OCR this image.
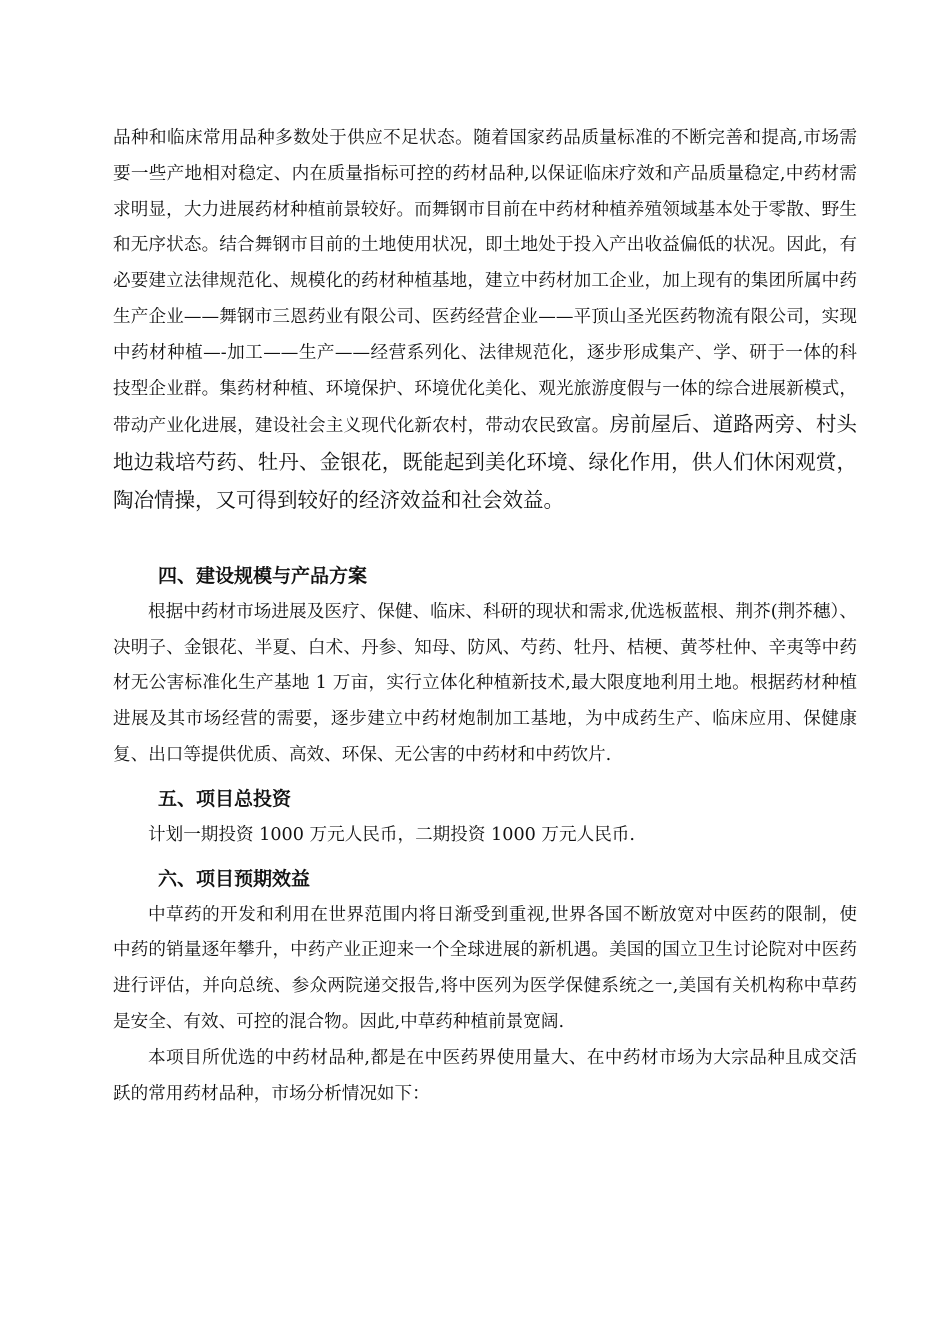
品种和临床常用品种多数处于供应不足状态。随着国家药品质量标准的不断完善和提高,市场需要一些产地相对稳定、内在质量指标可控的药材品种,以保证临床疗效和产品质量稳定,中药材需求明显，大力进展药材种植前景较好。而舞钢市目前在中药材种植养殖领域基本处于零散、野生和无序状态。结合舞钢市目前的土地使用状况，即土地处于投入产出收益偏低的状况。因此，有必要建立法律规范化、规模化的药材种植基地，建立中药材加工企业，加上现有的集团所属中药生产企业——舞钢市三恩药业有限公司、医药经营企业——平顶山圣光医药物流有限公司，实现中药材种植—-加工——生产——经营系列化、法律规范化，逐步形成集产、学、研于一体的科技型企业群。集药材种植、环境保护、环境优化美化、观光旅游度假与一体的综合进展新模式，带动产业化进展，建设社会主义现代化新农村，带动农民致富。房前屋后、道路两旁、村头地边栽培芍药、牡丹、金银花，既能起到美化环境、绿化作用，供人们休闲观赏，陶冶情操，又可得到较好的经济效益和社会效益。

四、建设规模与产品方案

根据中药材市场进展及医疗、保健、临床、科研的现状和需求,优选板蓝根、荆芥(荆芥穗）、决明子、金银花、半夏、白术、丹参、知母、防风、芍药、牡丹、桔梗、黄芩杜仲、辛夷等中药材无公害标准化生产基地 1 万亩，实行立体化种植新技术,最大限度地利用土地。根据药材种植进展及其市场经营的需要，逐步建立中药材炮制加工基地，为中成药生产、临床应用、保健康复、出口等提供优质、高效、环保、无公害的中药材和中药饮片.

五、项目总投资

计划一期投资 1000 万元人民币，二期投资 1000 万元人民币.

六、项目预期效益

中草药的开发和利用在世界范围内将日渐受到重视,世界各国不断放宽对中医药的限制，使中药的销量逐年攀升，中药产业正迎来一个全球进展的新机遇。美国的国立卫生讨论院对中医药进行评估，并向总统、参众两院递交报告,将中医列为医学保健系统之一,美国有关机构称中草药是安全、有效、可控的混合物。因此,中草药种植前景宽阔.

本项目所优选的中药材品种,都是在中医药界使用量大、在中药材市场为大宗品种且成交活跃的常用药材品种，市场分析情况如下：
